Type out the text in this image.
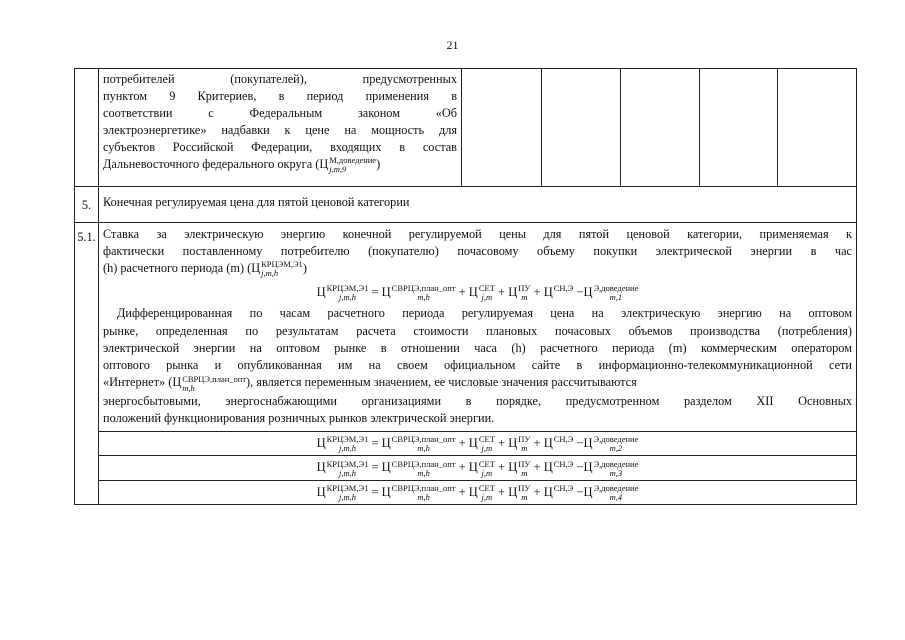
21

потребителей (покупателей), предусмотренных
пунктом 9 Критериев, в период применения в
соответствии с Федеральным законом «Об
электроэнергетике» надбавки к цене на мощность для
субъектов Российской Федерации, входящих в состав
Дальневосточного федерального округа (Ц М,доведение
j,m,9	)

5.	Конечная регулируемая цена для пятой ценовой категории
5.1.	Ставка за электрическую энергию конечной регулируемой цены для пятой ценовой категории, применяемая к
фактически поставленному потребителю (покупателю) почасовому объему покупки электрической энергии в час
(h) расчетного периода (m) (Ц КРЦЭМ,Э1
j,m,h	)
Ц КРЦЭМ,Э1
j,m,h = Ц СВРЦЭ,план_опт
m,h	+ Ц СЕТ
j,m + Ц ПУ
m + Ц СН,Э
−Ц Э,доведение
m,1
Дифференцированная по часам расчетного периода регулируемая цена на электрическую энергию на оптовом
рынке, определенная по результатам расчета стоимости плановых почасовых объемов производства (потребления)
электрической энергии на оптовом рынке в отношении часа (h) расчетного периода (m) коммерческим оператором
оптового рынка и опубликованная им на своем официальном сайте в информационно-телекоммуникационной сети
«Интернет» (Ц СВРЦЭ,план_опт
m,h	), является переменным значением, ее числовые значения рассчитываются
энергосбытовыми, энергоснабжающими организациями в порядке, предусмотренном разделом XII Основных
положений функционирования розничных рынков электрической энергии.

Ц КРЦЭМ,Э1
j,m,h = Ц СВРЦЭ,план_опт
m,h	+ Ц СЕТ
j,m + Ц ПУ
m + Ц СН,Э
−Ц Э,доведение
m,2

Ц КРЦЭМ,Э1
j,m,h = Ц СВРЦЭ,план_опт
m,h	+ Ц СЕТ
j,m + Ц ПУ
m + Ц СН,Э
−Ц Э,доведение
m,3

Ц КРЦЭМ,Э1
j,m,h = Ц СВРЦЭ,план_опт
m,h	+ Ц СЕТ
j,m + Ц ПУ
m + Ц СН,Э
−Ц Э,доведение
m,4
